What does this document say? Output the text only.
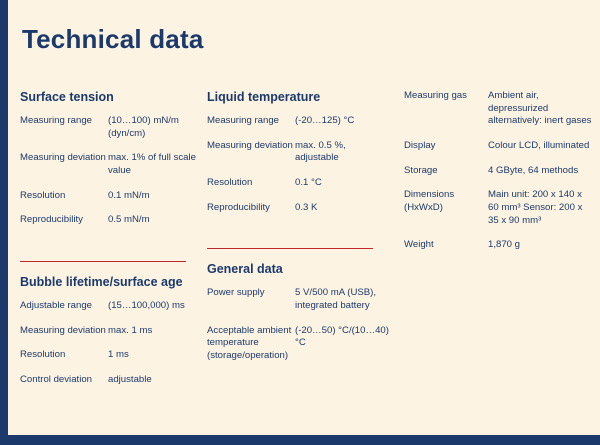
Technical data
Surface tension
Measuring range	(10…100) mN/m (dyn/cm)
Measuring deviation	max. 1% of full scale value
Resolution	0.1 mN/m
Reproducibility	0.5 mN/m
Bubble lifetime/surface age
Adjustable range	(15…100,000) ms
Measuring deviation	max. 1 ms
Resolution	1 ms
Control deviation	adjustable
Liquid temperature
Measuring range	(-20…125) °C
Measuring deviation	max. 0.5 %, adjustable
Resolution	0.1 °C
Reproducibility	0.3 K
General data
Power supply	5 V/500 mA (USB), integrated battery
Acceptable ambient temperature (storage/operation)	(-20…50) °C/(10…40) °C
Measuring gas	Ambient air, depressurized alternatively: inert gases
Display	Colour LCD, illuminated
Storage	4 GByte, 64 methods
Dimensions (HxWxD)	Main unit: 200 x 140 x 60 mm³ Sensor: 200 x 35 x 90 mm³
Weight	1,870 g
